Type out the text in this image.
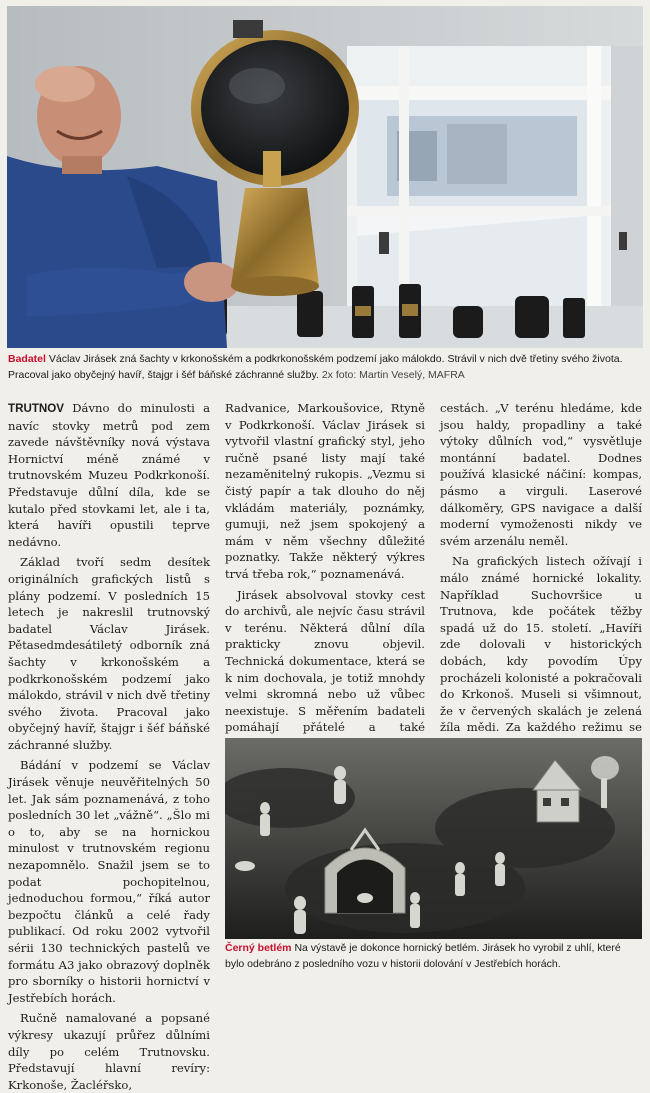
Badatel Václav Jirásek zná šachty v krkonošském a podkrkonošském podzemí jako málokdo. Strávil v nich dvě třetiny svého života. Pracoval jako obyčejný havíř, štajgr i šéf báňské záchranné služby. 2x foto: Martin Veselý, MAFRA

TRUTNOV Dávno do minulosti a navíc stovky metrů pod zem zavede návštěvníky nová výstava Hornictví méně známé v trutnovském Muzeu Podkrkonoší. Představuje důlní díla, kde se kutalo před stovkami let, ale i ta, která havíři opustili teprve nedávno.

Základ tvoří sedm desítek originálních grafických listů s plány podzemí. V posledních 15 letech je nakreslil trutnovský badatel Václav Jirásek. Pětasedmdesátiletý odborník zná šachty v krkonošském a podkrkonošském podzemí jako málokdo, strávil v nich dvě třetiny svého života. Pracoval jako obyčejný havíř, štajgr i šéf báňské záchranné služby.

Bádání v podzemí se Václav Jirásek věnuje neuvěřitelných 50 let. Jak sám poznamenává, z toho posledních 30 let „vážně“. „Šlo mi o to, aby se na hornickou minulost v trutnovském regionu nezapomnělo. Snažil jsem se to podat pochopitelnou, jednoduchou formou,“ říká autor bezpočtu článků a celé řady publikací. Od roku 2002 vytvořil sérii 130 technických pastelů ve formátu A3 jako obrazový doplněk pro sborníky o historii hornictví v Jestřebích horách.

Ručně namalované a popsané výkresy ukazují průřez důlními díly po celém Trutnovsku. Představují hlavní revíry: Krkonoše, Žacléřsko,

Radvanice, Markoušovice, Rtyně v Podkrkonoší. Václav Jirásek si vytvořil vlastní grafický styl, jeho ručně psané listy mají také nezaměnitelný rukopis. „Vezmu si čistý papír a tak dlouho do něj vkládám materiály, poznámky, gumuji, než jsem spokojený a mám v něm všechny důležité poznatky. Takže některý výkres trvá třeba rok,“ poznamenává.

Jirásek absolvoval stovky cest do archivů, ale nejvíc času strávil v terénu. Některá důlní díla prakticky znovu objevil. Technická dokumentace, která se k nim dochovala, je totiž mnohdy velmi skromná nebo už vůbec neexistuje. S měřením badateli pomáhají přátelé a také

cestách. „V terénu hledáme, kde jsou haldy, propadliny a také výtoky důlních vod,“ vysvětluje montánní badatel. Dodnes používá klasické náčiní: kompas, pásmo a virguli. Laserové dálkoměry, GPS navigace a další moderní vymoženosti nikdy ve svém arzenálu neměl.

Na grafických listech ožívají i málo známé hornické lokality. Například Suchovršice u Trutnova, kde počátek těžby spadá už do 15. století. „Havíři zde dolovali v historických dobách, kdy povodím Úpy procházeli kolonisté a pokračovali do Krkonoš. Museli si všimnout, že v červených skalách je zelená žíla mědi. Za každého režimu se

Černý betlém Na výstavě je dokonce hornický betlém. Jirásek ho vyrobil z uhlí, které bylo odebráno z posledního vozu v historii dolování v Jestřebích horách.
